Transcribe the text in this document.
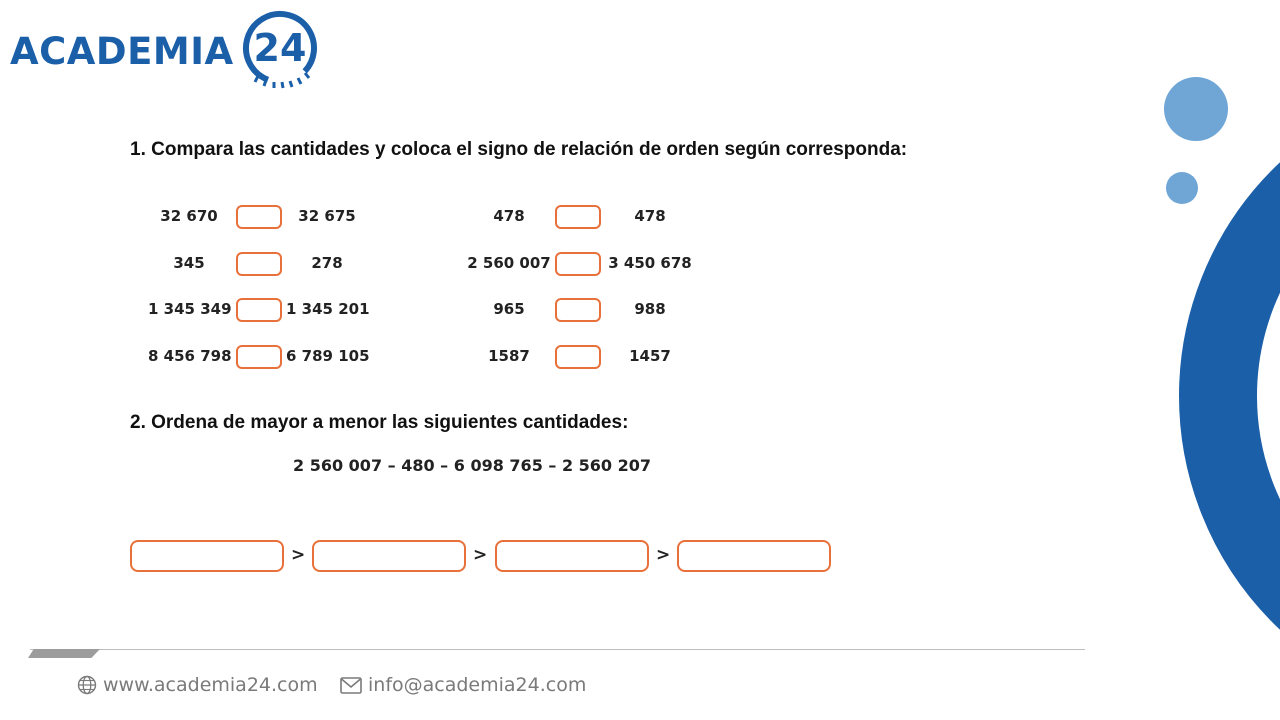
ACADEMIA 24
1. Compara las cantidades y coloca el signo de relación de orden según corresponda:
32 670	32 675
345	278
1 345 349	1 345 201
8 456 798	6 789 105
478	478
2 560 007	3 450 678
965	988
1587	1457
2. Ordena de mayor a menor las siguientes cantidades:
2 560 007 – 480 – 6 098 765 – 2 560 207
>	>	>
www.academia24.com	info@academia24.com
